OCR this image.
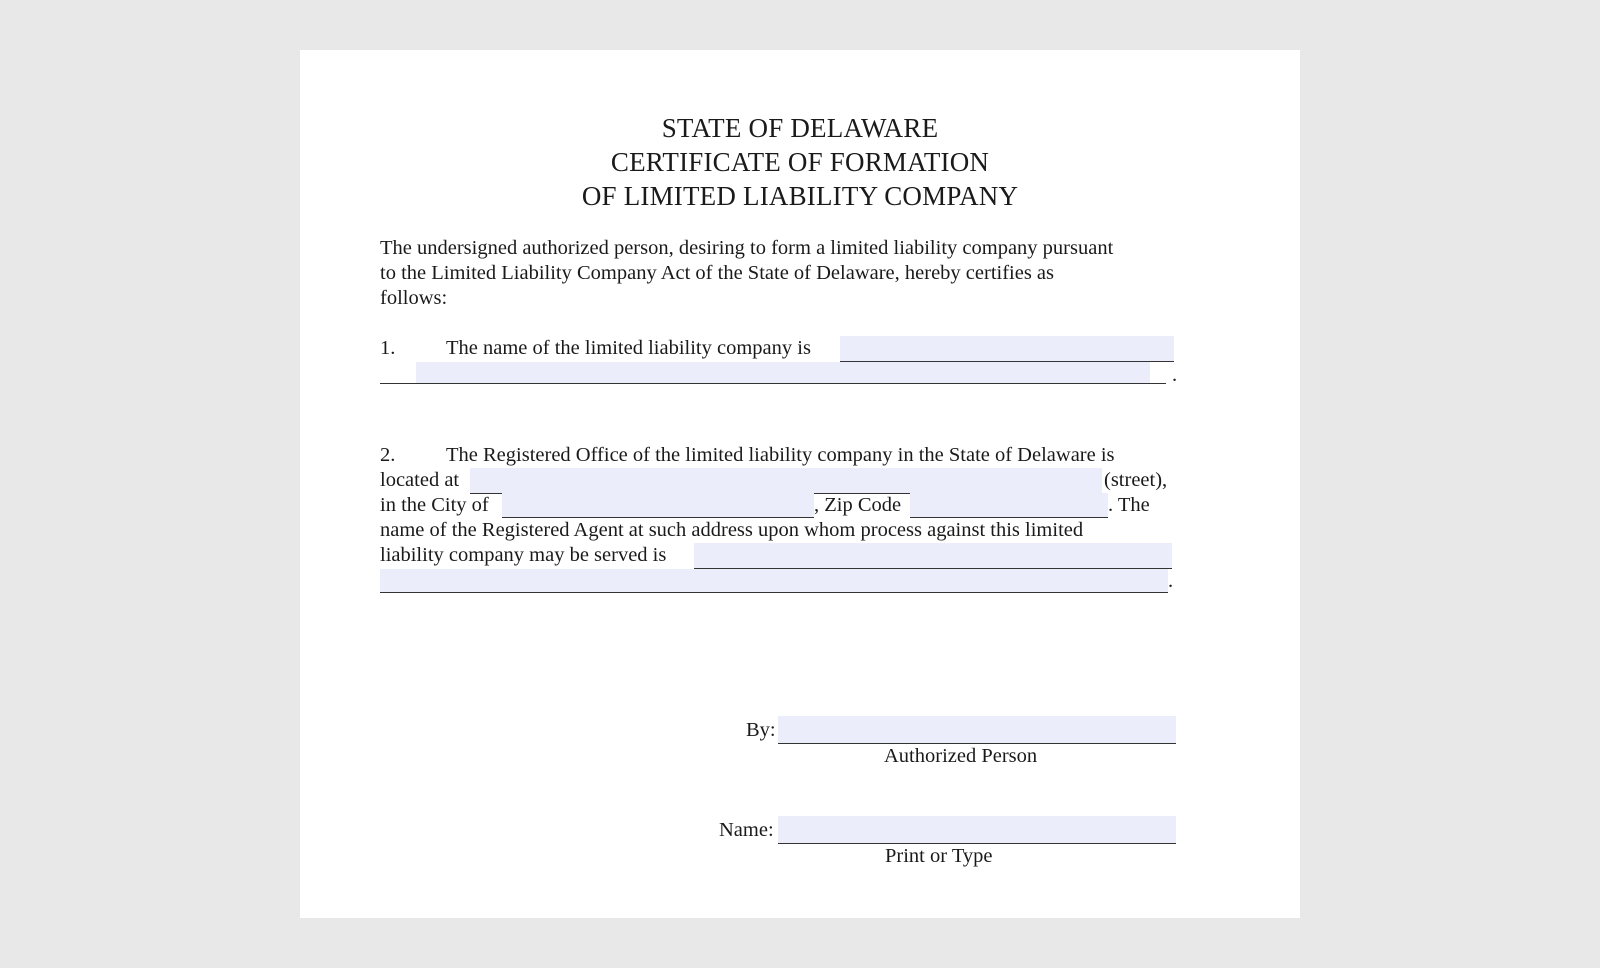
STATE OF DELAWARE
CERTIFICATE OF FORMATION
OF LIMITED LIABILITY COMPANY
The undersigned authorized person, desiring to form a limited liability company pursuant
to the Limited Liability Company Act of the State of Delaware, hereby certifies as
follows:
1. The name of the limited liability company is
.
2. The Registered Office of the limited liability company in the State of Delaware is
located at	(street),
in the City of	, Zip Code	. The
name of the Registered Agent at such address upon whom process against this limited
liability company may be served is
.
By:
Authorized Person
Name:
Print or Type
